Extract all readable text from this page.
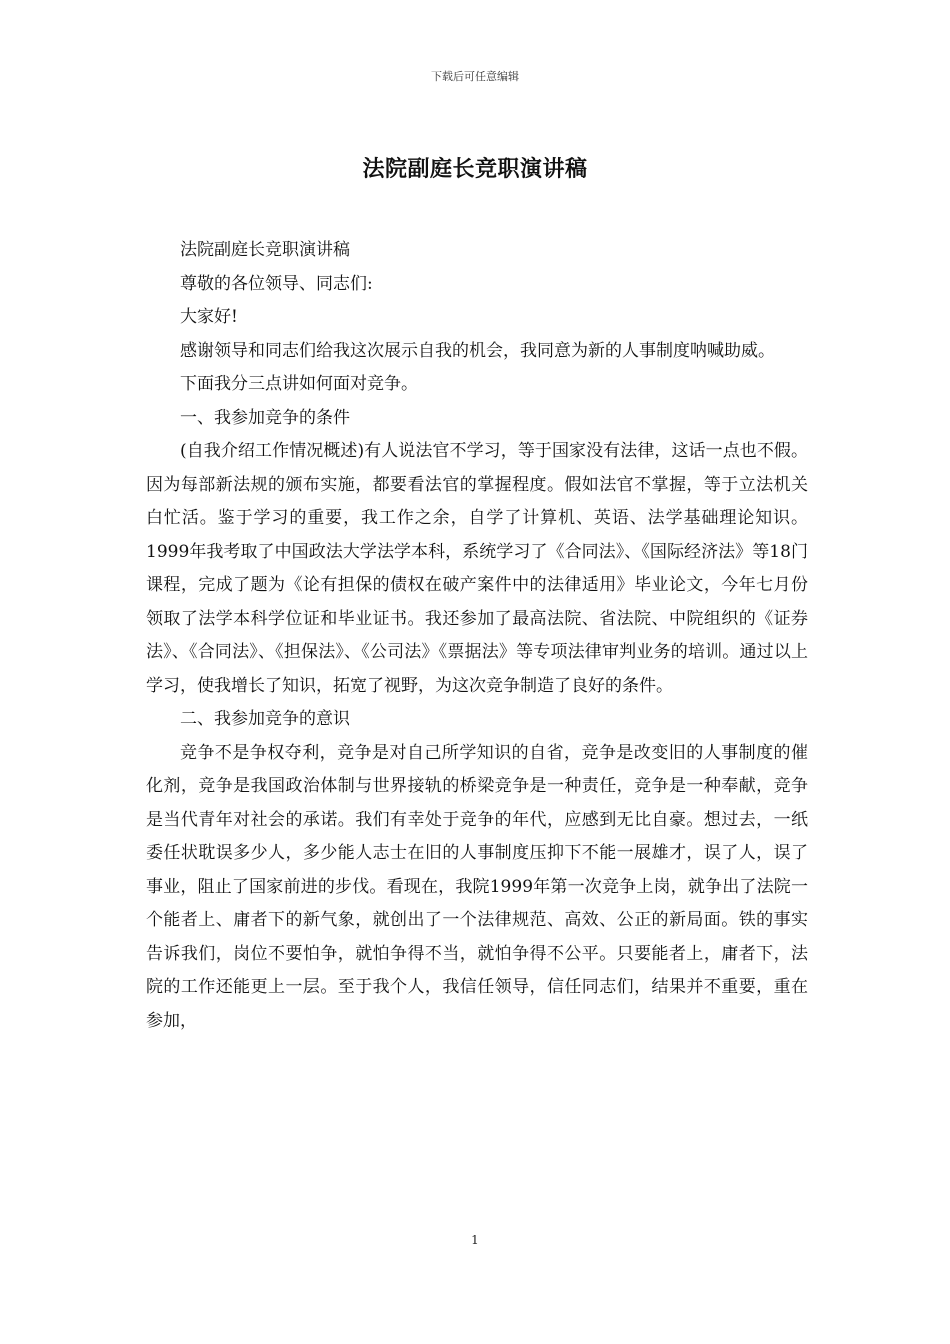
下载后可任意编辑
法院副庭长竞职演讲稿

法院副庭长竞职演讲稿

尊敬的各位领导、同志们:

大家好!

感谢领导和同志们给我这次展示自我的机会，我同意为新的人事制度呐喊助威。

下面我分三点讲如何面对竞争。

一、我参加竞争的条件

(自我介绍工作情况概述)有人说法官不学习，等于国家没有法律，这话一点也不假。因为每部新法规的颁布实施，都要看法官的掌握程度。假如法官不掌握，等于立法机关白忙活。鉴于学习的重要，我工作之余，自学了计算机、英语、法学基础理论知识。1999年我考取了中国政法大学法学本科，系统学习了《合同法》、《国际经济法》等18门课程，完成了题为《论有担保的债权在破产案件中的法律适用》毕业论文，今年七月份领取了法学本科学位证和毕业证书。我还参加了最高法院、省法院、中院组织的《证券法》、《合同法》、《担保法》、《公司法》《票据法》等专项法律审判业务的培训。通过以上学习，使我增长了知识，拓宽了视野，为这次竞争制造了良好的条件。

二、我参加竞争的意识

竞争不是争权夺利，竞争是对自己所学知识的自省，竞争是改变旧的人事制度的催化剂，竞争是我国政治体制与世界接轨的桥梁竞争是一种责任，竞争是一种奉献，竞争是当代青年对社会的承诺。我们有幸处于竞争的年代，应感到无比自豪。想过去，一纸委任状耽误多少人，多少能人志士在旧的人事制度压抑下不能一展雄才，误了人，误了事业，阻止了国家前进的步伐。看现在，我院1999年第一次竞争上岗，就争出了法院一个能者上、庸者下的新气象，就创出了一个法律规范、高效、公正的新局面。铁的事实告诉我们，岗位不要怕争，就怕争得不当，就怕争得不公平。只要能者上，庸者下，法院的工作还能更上一层。至于我个人，我信任领导，信任同志们，结果并不重要，重在参加，

1
